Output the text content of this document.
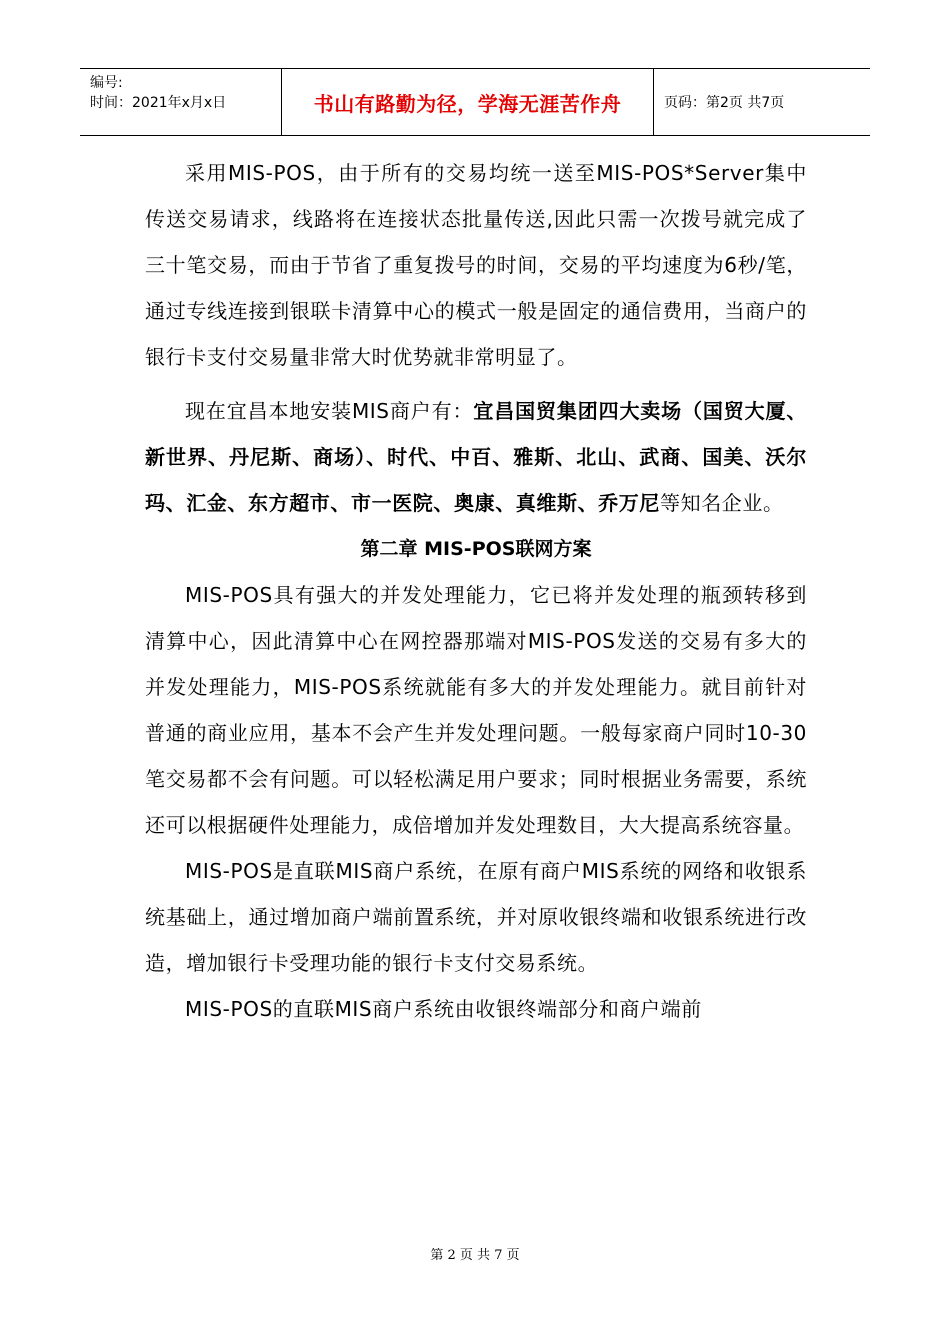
编号:
时间：2021年x月x日	书山有路勤为径，学海无涯苦作舟	页码：第2页 共7页

采用MIS-POS，由于所有的交易均统一送至MIS-POS*Server集中传送交易请求，线路将在连接状态批量传送,因此只需一次拨号就完成了三十笔交易，而由于节省了重复拨号的时间，交易的平均速度为6秒/笔，通过专线连接到银联卡清算中心的模式一般是固定的通信费用，当商户的银行卡支付交易量非常大时优势就非常明显了。

现在宜昌本地安装MIS商户有：宜昌国贸集团四大卖场（国贸大厦、新世界、丹尼斯、商场）、时代、中百、雅斯、北山、武商、国美、沃尔玛、汇金、东方超市、市一医院、奥康、真维斯、乔万尼等知名企业。

第二章 MIS-POS联网方案

MIS-POS具有强大的并发处理能力，它已将并发处理的瓶颈转移到清算中心，因此清算中心在网控器那端对MIS-POS发送的交易有多大的并发处理能力，MIS-POS系统就能有多大的并发处理能力。就目前针对普通的商业应用，基本不会产生并发处理问题。一般每家商户同时10-30笔交易都不会有问题。可以轻松满足用户要求；同时根据业务需要，系统还可以根据硬件处理能力，成倍增加并发处理数目，大大提高系统容量。

MIS-POS是直联MIS商户系统，在原有商户MIS系统的网络和收银系统基础上，通过增加商户端前置系统，并对原收银终端和收银系统进行改造，增加银行卡受理功能的银行卡支付交易系统。

MIS-POS的直联MIS商户系统由收银终端部分和商户端前

第 2 页 共 7 页
